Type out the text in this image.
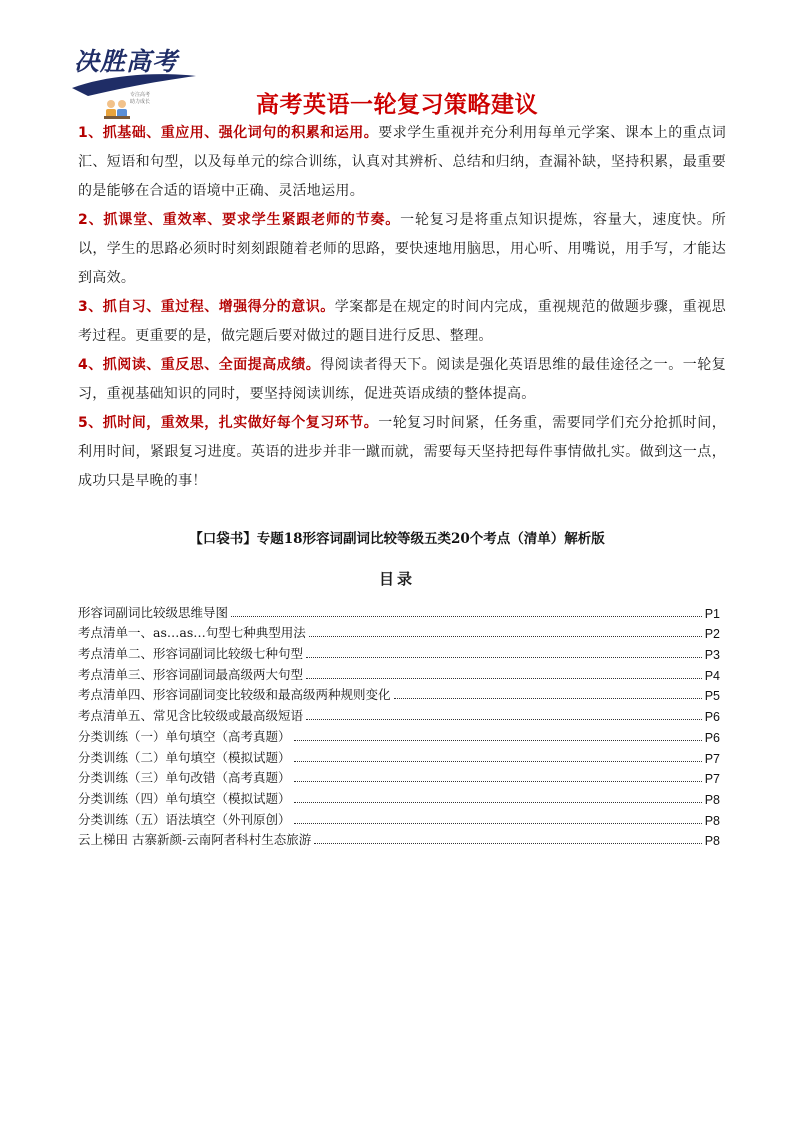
决胜高考
专注高考
助力成长	高考英语一轮复习策略建议

1、抓基础、重应用、强化词句的积累和运用。要求学生重视并充分利用每单元学案、课本上的重点词汇、短语和句型，以及每单元的综合训练，认真对其辨析、总结和归纳，查漏补缺，坚持积累，最重要的是能够在合适的语境中正确、灵活地运用。

2、抓课堂、重效率、要求学生紧跟老师的节奏。一轮复习是将重点知识提炼，容量大，速度快。所以，学生的思路必须时时刻刻跟随着老师的思路，要快速地用脑思，用心听、用嘴说，用手写，才能达到高效。

3、抓自习、重过程、增强得分的意识。学案都是在规定的时间内完成，重视规范的做题步骤，重视思考过程。更重要的是，做完题后要对做过的题目进行反思、整理。

4、抓阅读、重反思、全面提高成绩。得阅读者得天下。阅读是强化英语思维的最佳途径之一。一轮复习，重视基础知识的同时，要坚持阅读训练，促进英语成绩的整体提高。

5、抓时间，重效果，扎实做好每个复习环节。一轮复习时间紧，任务重，需要同学们充分抢抓时间，利用时间，紧跟复习进度。英语的进步并非一蹴而就，需要每天坚持把每件事情做扎实。做到这一点，成功只是早晚的事！

【口袋书】专题18形容词副词比较等级五类20个考点（清单）解析版
目录
形容词副词比较级思维导图	P1
考点清单一、as…as…句型七种典型用法	P2
考点清单二、形容词副词比较级七种句型	P3
考点清单三、形容词副词最高级两大句型	P4
考点清单四、形容词副词变比较级和最高级两种规则变化	P5
考点清单五、常见含比较级或最高级短语	P6
分类训练（一）单句填空（高考真题）	P6
分类训练（二）单句填空（模拟试题）	P7
分类训练（三）单句改错（高考真题）	P7
分类训练（四）单句填空（模拟试题）	P8
分类训练（五）语法填空（外刊原创）	P8
云上梯田 古寨新颜-云南阿者科村生态旅游	P8
